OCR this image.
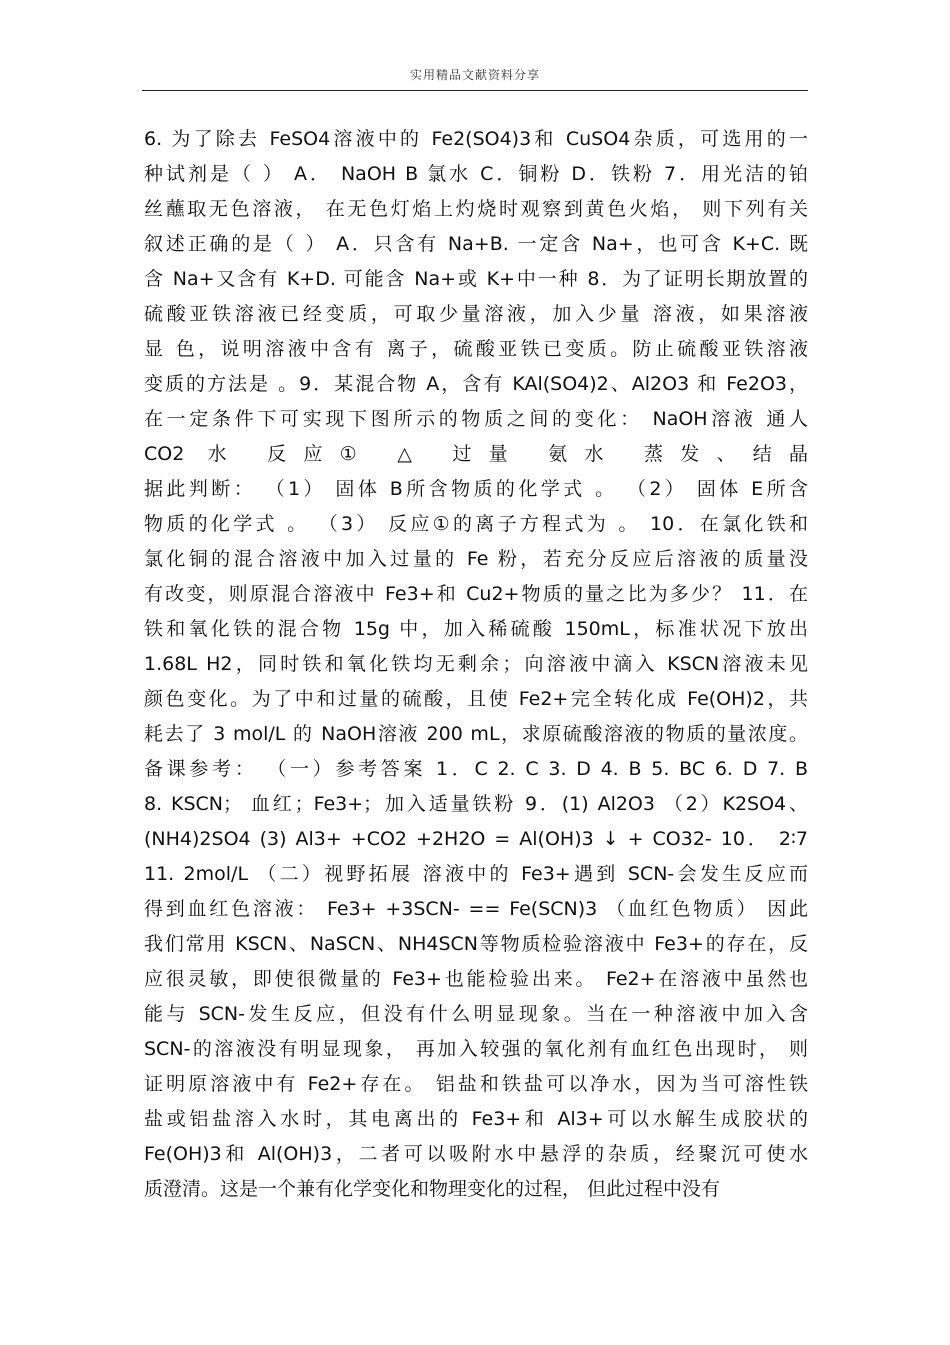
实用精品文献资料分享
6. 为了除去 FeSO4溶液中的 Fe2(SO4)3和 CuSO4杂质，可选用的一
种试剂是（ ） A． NaOH B 氯水 C．铜粉 D．铁粉 7．用光洁的铂
丝蘸取无色溶液， 在无色灯焰上灼烧时观察到黄色火焰， 则下列有关
叙述正确的是（ ） A．只含有 Na+B. 一定含 Na+，也可含 K+C. 既
含 Na+又含有 K+D. 可能含 Na+或 K+中一种 8．为了证明长期放置的
硫酸亚铁溶液已经变质，可取少量溶液，加入少量 溶液，如果溶液
显 色，说明溶液中含有 离子，硫酸亚铁已变质。防止硫酸亚铁溶液
变质的方法是 。9．某混合物 A，含有 KAl(SO4)2、Al2O3 和 Fe2O3，
在一定条件下可实现下图所示的物质之间的变化： NaOH溶液 通人
CO2 水 反应① △ 过量 氨水 蒸发、结晶
据此判断： （1） 固体 B所含物质的化学式 。 （2） 固体 E所含
物质的化学式 。 （3） 反应①的离子方程式为 。 10．在氯化铁和
氯化铜的混合溶液中加入过量的 Fe 粉，若充分反应后溶液的质量没
有改变，则原混合溶液中 Fe3+和 Cu2+物质的量之比为多少？ 11．在
铁和氧化铁的混合物 15g 中，加入稀硫酸 150mL，标准状况下放出
1.68L H2，同时铁和氧化铁均无剩余；向溶液中滴入 KSCN溶液未见
颜色变化。为了中和过量的硫酸，且使 Fe2+完全转化成 Fe(OH)2，共
耗去了 3 mol/L 的 NaOH溶液 200 mL，求原硫酸溶液的物质的量浓度。
备课参考： （一）参考答案 1．C 2. C 3. D 4. B 5. BC 6. D 7. B
8. KSCN； 血红；Fe3+；加入适量铁粉 9．(1) Al2O3 （2）K2SO4、
(NH4)2SO4 (3) Al3+ +CO2 +2H2O = Al(OH)3 ↓ + CO32- 10． 2∶7
11. 2mol/L （二）视野拓展 溶液中的 Fe3+遇到 SCN-会发生反应而
得到血红色溶液： Fe3+ +3SCN- == Fe(SCN)3 （血红色物质） 因此
我们常用 KSCN、NaSCN、NH4SCN等物质检验溶液中 Fe3+的存在，反
应很灵敏，即使很微量的 Fe3+也能检验出来。 Fe2+在溶液中虽然也
能与 SCN-发生反应，但没有什么明显现象。当在一种溶液中加入含
SCN-的溶液没有明显现象， 再加入较强的氧化剂有血红色出现时， 则
证明原溶液中有 Fe2+存在。 铝盐和铁盐可以净水，因为当可溶性铁
盐或铝盐溶入水时，其电离出的 Fe3+和 Al3+可以水解生成胶状的
Fe(OH)3和 Al(OH)3，二者可以吸附水中悬浮的杂质，经聚沉可使水
质澄清。这是一个兼有化学变化和物理变化的过程， 但此过程中没有
